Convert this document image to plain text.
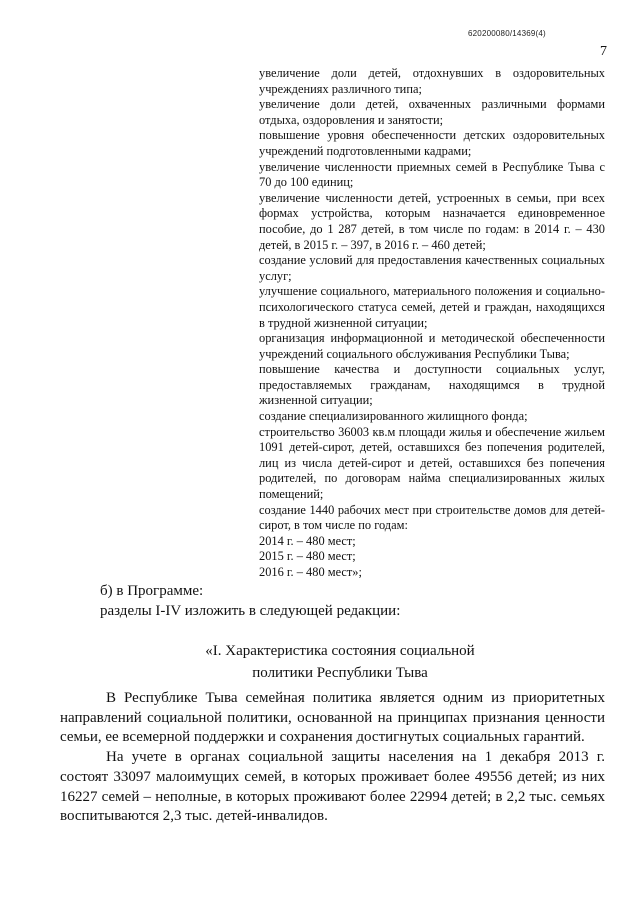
620200080/14369(4)
7

увеличение доли детей, отдохнувших в оздоровительных учреждениях различного типа;

увеличение доли детей, охваченных различными формами отдыха, оздоровления и занятости;

повышение уровня обеспеченности детских оздоровительных учреждений подготовленными кадрами;

увеличение численности приемных семей в Республике Тыва с 70 до 100 единиц;

увеличение численности детей, устроенных в семьи, при всех формах устройства, которым назначается единовременное пособие, до 1 287 детей, в том числе по годам: в 2014 г. – 430 детей, в 2015 г. – 397, в 2016 г. – 460 детей;

создание условий для предоставления качественных социальных услуг;

улучшение социального, материального положения и социально-психологического статуса семей, детей и граждан, находящихся в трудной жизненной ситуации;

организация информационной и методической обеспеченности учреждений социального обслуживания Республики Тыва;

повышение качества и доступности социальных услуг, предоставляемых гражданам, находящимся в трудной жизненной ситуации;

создание специализированного жилищного фонда;

строительство 36003 кв.м площади жилья и обеспечение жильем 1091 детей-сирот, детей, оставшихся без попечения родителей, лиц из числа детей-сирот и детей, оставшихся без попечения родителей, по договорам найма специализированных жилых помещений;

создание 1440 рабочих мест при строительстве домов для детей-сирот, в том числе по годам:

2014 г. – 480 мест;

2015 г. – 480 мест;

2016 г. – 480 мест»;

б) в Программе:

разделы I-IV изложить в следующей редакции:

«I. Характеристика состояния социальной
политики Республики Тыва

В Республике Тыва семейная политика является одним из приоритетных направлений социальной политики, основанной на принципах признания ценности семьи, ее всемерной поддержки и сохранения достигнутых социальных гарантий.

На учете в органах социальной защиты населения на 1 декабря 2013 г. состоят 33097 малоимущих семей, в которых проживает более 49556 детей; из них 16227 семей – неполные, в которых проживают более 22994 детей; в 2,2 тыс. семьях воспитываются 2,3 тыс. детей-инвалидов.
